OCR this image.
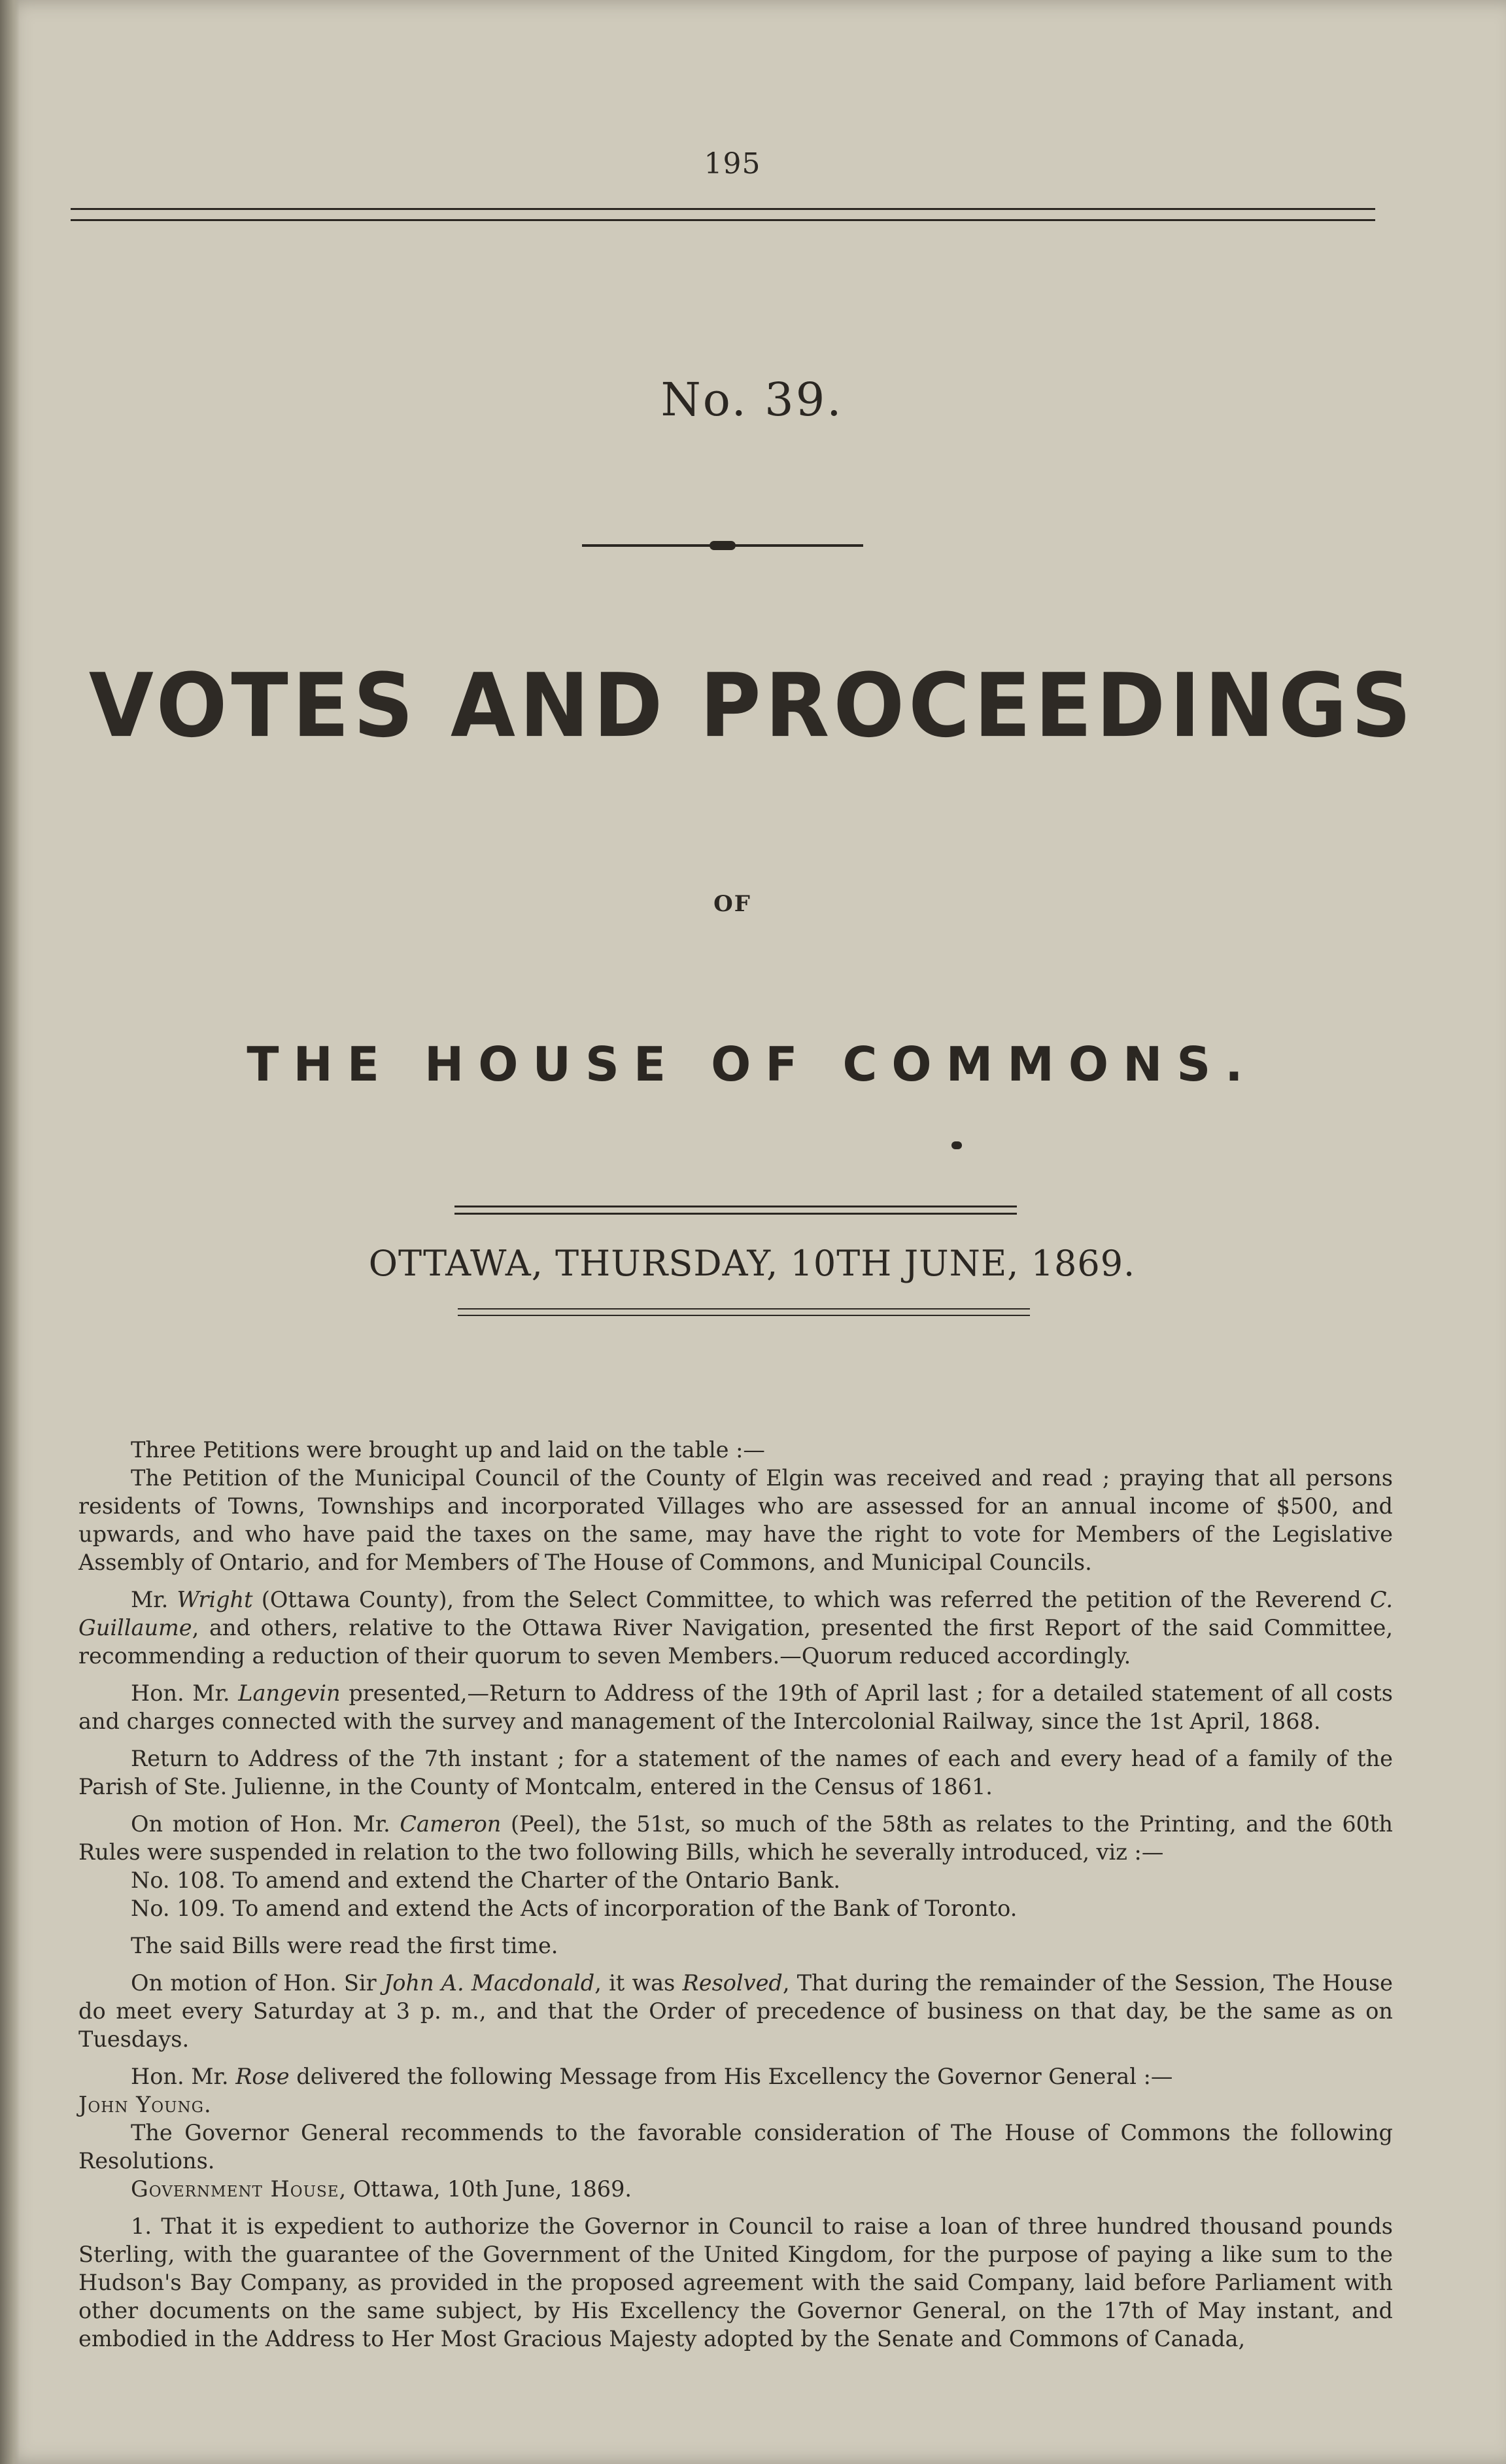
195
No. 39.
VOTES AND PROCEEDINGS
OF
THE HOUSE OF COMMONS.
OTTAWA, THURSDAY, 10TH JUNE, 1869.

Three Petitions were brought up and laid on the table :—

The Petition of the Municipal Council of the County of Elgin was received and read ; praying that all persons residents of Towns, Townships and incorporated Villages who are assessed for an annual income of $500, and upwards, and who have paid the taxes on the same, may have the right to vote for Members of the Legislative Assembly of Ontario, and for Members of The House of Commons, and Municipal Councils.

Mr. Wright (Ottawa County), from the Select Committee, to which was referred the petition of the Reverend C. Guillaume, and others, relative to the Ottawa River Navigation, presented the first Report of the said Committee, recommending a reduction of their quorum to seven Members.—Quorum reduced accordingly.

Hon. Mr. Langevin presented,—Return to Address of the 19th of April last ; for a detailed statement of all costs and charges connected with the survey and management of the Intercolonial Railway, since the 1st April, 1868.

Return to Address of the 7th instant ; for a statement of the names of each and every head of a family of the Parish of Ste. Julienne, in the County of Montcalm, entered in the Census of 1861.

On motion of Hon. Mr. Cameron (Peel), the 51st, so much of the 58th as relates to the Printing, and the 60th Rules were suspended in relation to the two following Bills, which he severally introduced, viz :—

No. 108. To amend and extend the Charter of the Ontario Bank.

No. 109. To amend and extend the Acts of incorporation of the Bank of Toronto.

The said Bills were read the first time.

On motion of Hon. Sir John A. Macdonald, it was Resolved, That during the remainder of the Session, The House do meet every Saturday at 3 p. m., and that the Order of precedence of business on that day, be the same as on Tuesdays.

Hon. Mr. Rose delivered the following Message from His Excellency the Governor General :—

John Young.

The Governor General recommends to the favorable consideration of The House of Commons the following Resolutions.

Government House, Ottawa, 10th June, 1869.

1. That it is expedient to authorize the Governor in Council to raise a loan of three hundred thousand pounds Sterling, with the guarantee of the Government of the United Kingdom, for the purpose of paying a like sum to the Hudson's Bay Company, as provided in the proposed agreement with the said Company, laid before Parliament with other documents on the same subject, by His Excellency the Governor General, on the 17th of May instant, and embodied in the Address to Her Most Gracious Majesty adopted by the Senate and Commons of Canada,
